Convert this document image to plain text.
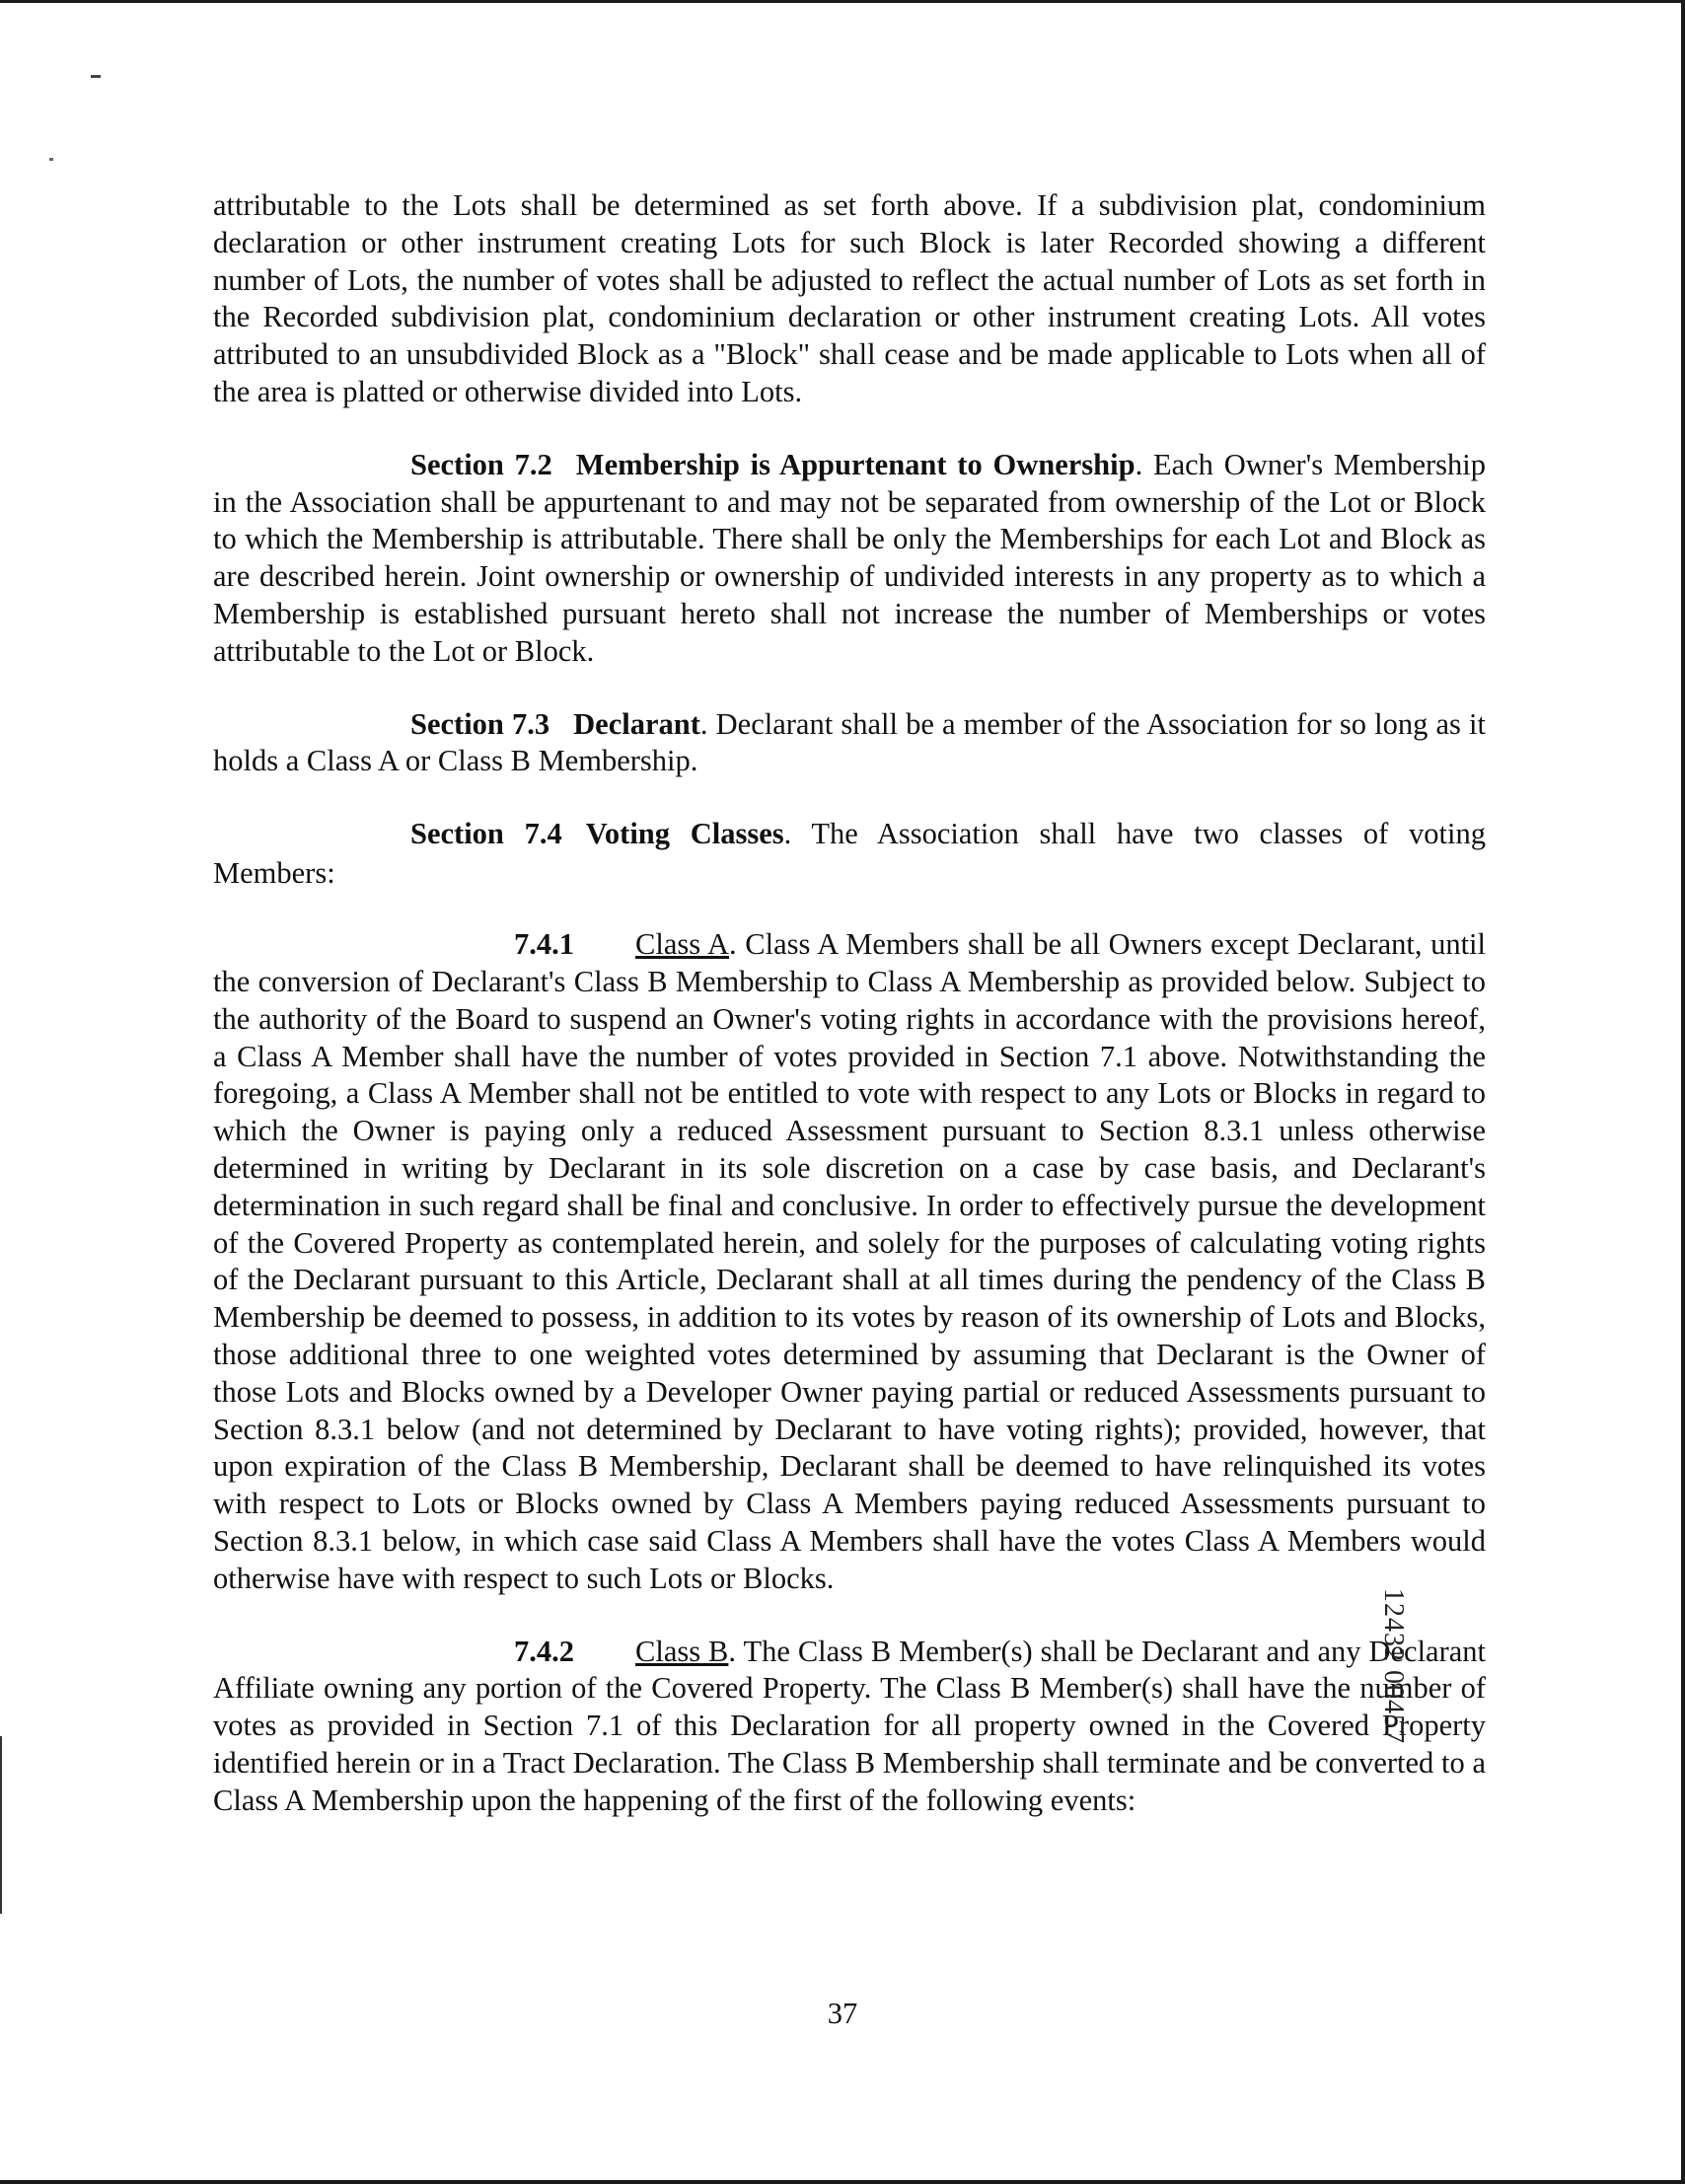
attributable to the Lots shall be determined as set forth above. If a subdivision plat, condominium declaration or other instrument creating Lots for such Block is later Recorded showing a different number of Lots, the number of votes shall be adjusted to reflect the actual number of Lots as set forth in the Recorded subdivision plat, condominium declaration or other instrument creating Lots. All votes attributed to an unsubdivided Block as a "Block" shall cease and be made applicable to Lots when all of the area is platted or otherwise divided into Lots.

Section 7.2 Membership is Appurtenant to Ownership. Each Owner's Membership in the Association shall be appurtenant to and may not be separated from ownership of the Lot or Block to which the Membership is attributable. There shall be only the Memberships for each Lot and Block as are described herein. Joint ownership or ownership of undivided interests in any property as to which a Membership is established pursuant hereto shall not increase the number of Memberships or votes attributable to the Lot or Block.

Section 7.3 Declarant. Declarant shall be a member of the Association for so long as it holds a Class A or Class B Membership.

Section 7.4 Voting Classes. The Association shall have two classes of voting
Members:

7.4.1 Class A. Class A Members shall be all Owners except Declarant, until the conversion of Declarant's Class B Membership to Class A Membership as provided below. Subject to the authority of the Board to suspend an Owner's voting rights in accordance with the provisions hereof, a Class A Member shall have the number of votes provided in Section 7.1 above. Notwithstanding the foregoing, a Class A Member shall not be entitled to vote with respect to any Lots or Blocks in regard to which the Owner is paying only a reduced Assessment pursuant to Section 8.3.1 unless otherwise determined in writing by Declarant in its sole discretion on a case by case basis, and Declarant's determination in such regard shall be final and conclusive. In order to effectively pursue the development of the Covered Property as contemplated herein, and solely for the purposes of calculating voting rights of the Declarant pursuant to this Article, Declarant shall at all times during the pendency of the Class B Membership be deemed to possess, in addition to its votes by reason of its ownership of Lots and Blocks, those additional three to one weighted votes determined by assuming that Declarant is the Owner of those Lots and Blocks owned by a Developer Owner paying partial or reduced Assessments pursuant to Section 8.3.1 below (and not determined by Declarant to have voting rights); provided, however, that upon expiration of the Class B Membership, Declarant shall be deemed to have relinquished its votes with respect to Lots or Blocks owned by Class A Members paying reduced Assessments pursuant to Section 8.3.1 below, in which case said Class A Members shall have the votes Class A Members would otherwise have with respect to such Lots or Blocks.

7.4.2 Class B. The Class B Member(s) shall be Declarant and any Declarant Affiliate owning any portion of the Covered Property. The Class B Member(s) shall have the number of votes as provided in Section 7.1 of this Declaration for all property owned in the Covered Property identified herein or in a Tract Declaration. The Class B Membership shall terminate and be converted to a Class A Membership upon the happening of the first of the following events:

12432 00457
37
